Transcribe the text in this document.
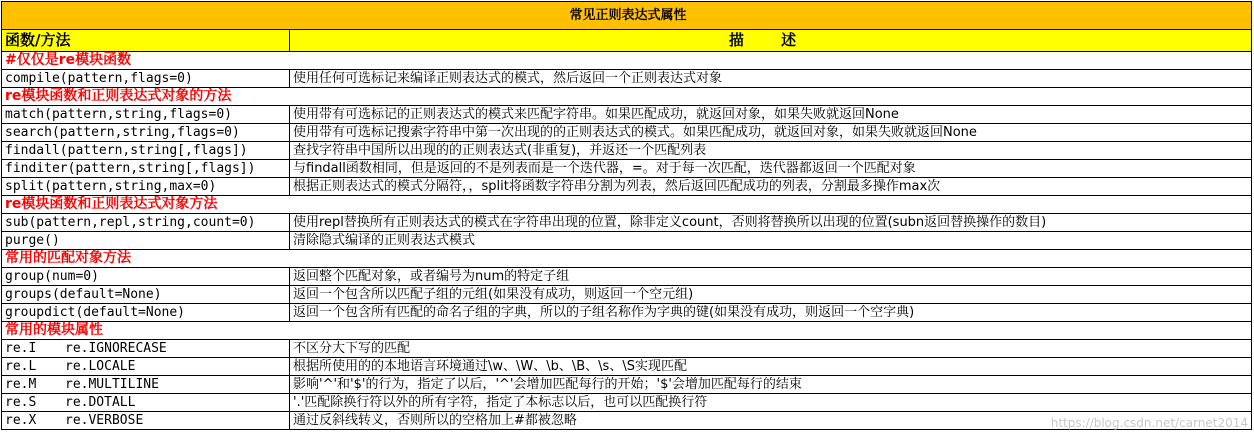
常见正则表达式属性	
函数/方法	描 述
#仅仅是re模块函数	
compile(pattern,flags=0)	使用任何可选标记来编译正则表达式的模式，然后返回一个正则表达式对象
re模块函数和正则表达式对象的方法	
match(pattern,string,flags=0)	使用带有可选标记的正则表达式的模式来匹配字符串。如果匹配成功，就返回对象，如果失败就返回None
search(pattern,string,flags=0)	使用带有可选标记搜索字符串中第一次出现的的正则表达式的模式。如果匹配成功，就返回对象，如果失败就返回None
findall(pattern,string[,flags])	查找字符串中国所以出现的的正则表达式(非重复)，并返还一个匹配列表
finditer(pattern,string[,flags])	与findall函数相同，但是返回的不是列表而是一个迭代器，=。对于每一次匹配，迭代器都返回一个匹配对象
split(pattern,string,max=0)	根据正则表达式的模式分隔符，，split将函数字符串分割为列表，然后返回匹配成功的列表，分割最多操作max次
re模块函数和正则表达式对象方法	
sub(pattern,repl,string,count=0)	使用repl替换所有正则表达式的模式在字符串出现的位置，除非定义count，否则将替换所以出现的位置(subn返回替换操作的数目)
purge()	清除隐式编译的正则表达式模式
常用的匹配对象方法	
group(num=0)	返回整个匹配对象，或者编号为num的特定子组
groups(default=None)	返回一个包含所以匹配子组的元组(如果没有成功，则返回一个空元组)
groupdict(default=None)	返回一个包含所有匹配的命名子组的字典，所以的子组名称作为字典的键(如果没有成功，则返回一个空字典)
常用的模块属性	
re.I re.IGNORECASE	不区分大下写的匹配
re.L re.LOCALE	根据所使用的的本地语言环境通过\w、\W、\b、\B、\s、\S实现匹配
re.M re.MULTILINE	影响'^'和'$'的行为，指定了以后，'^'会增加匹配每行的开始；'$'会增加匹配每行的结束
re.S re.DOTALL	'.'匹配除换行符以外的所有字符，指定了本标志以后，也可以匹配换行符
re.X re.VERBOSE	通过反斜线转义，否则所以的空格加上#都被忽略	https://blog.csdn.net/carnet2014
